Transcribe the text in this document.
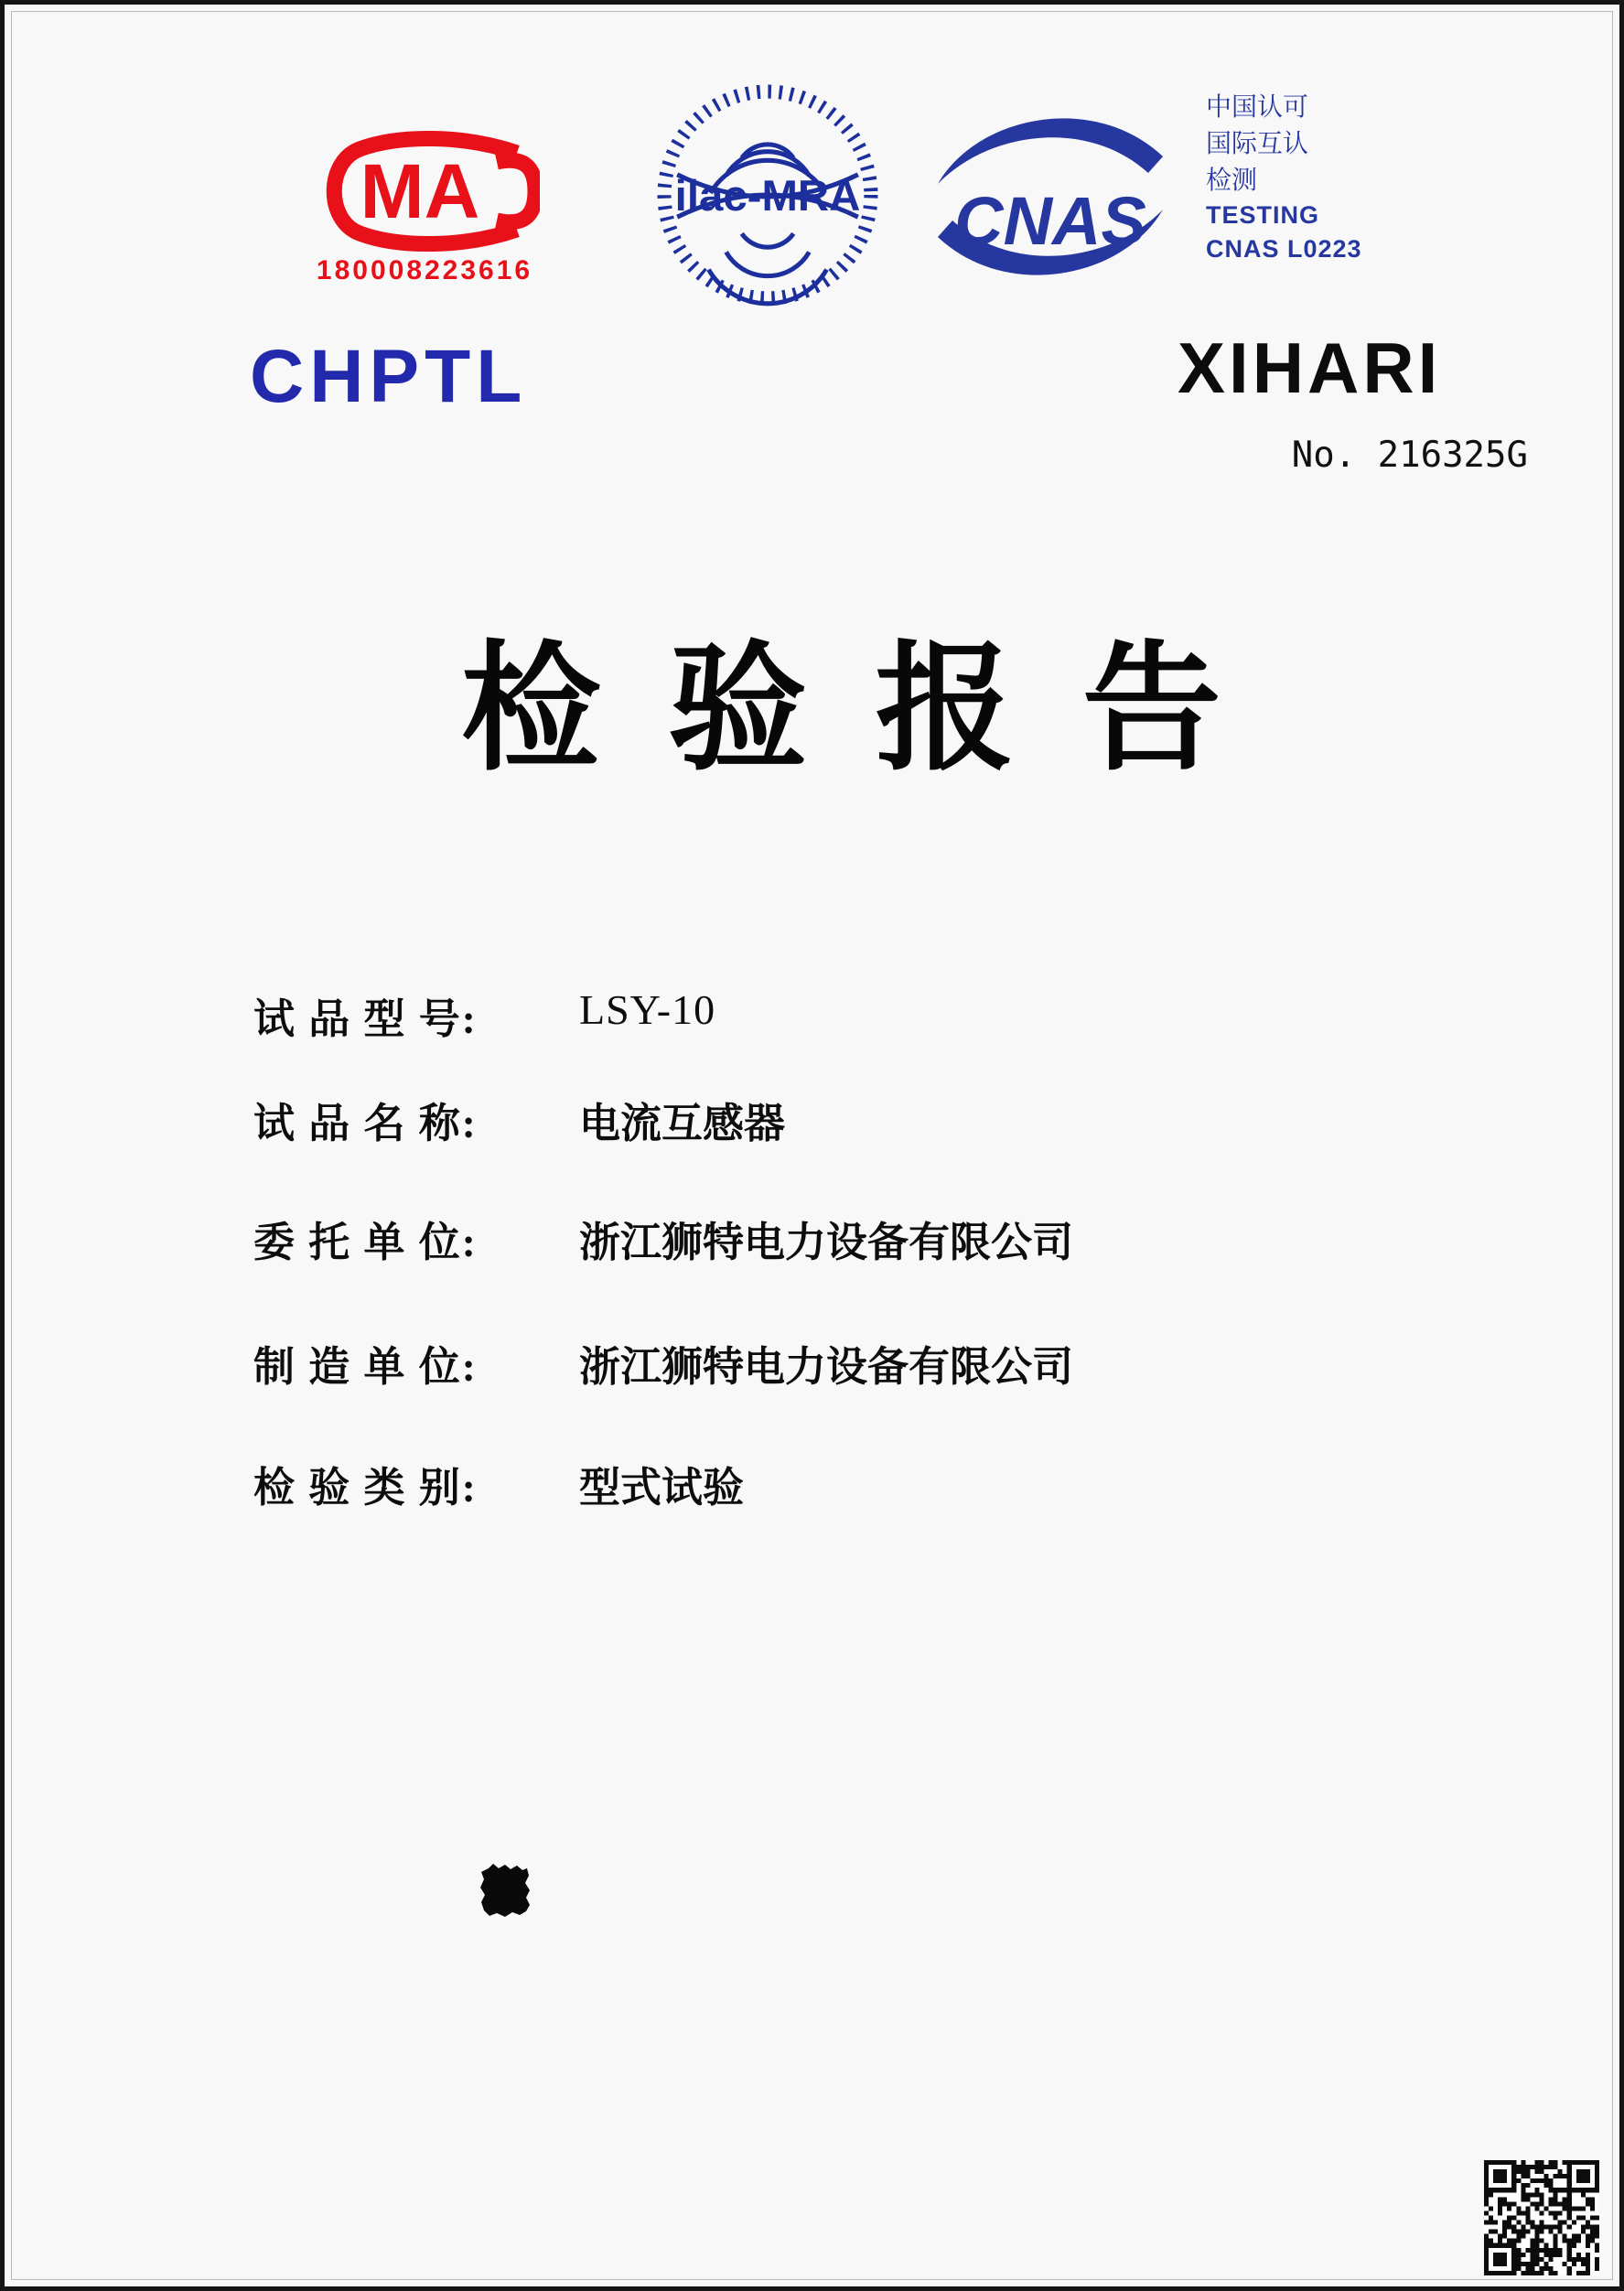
MA
180008223616
ilac-MRA CNAS
中国认可
国际互认
检测
TESTING
CNAS L0223
CHPTL	XIHARI
No. 216325G
检 验 报 告
试 品 型 号: LSY-10
试 品 名 称: 电流互感器
委 托 单 位: 浙江狮特电力设备有限公司
制 造 单 位: 浙江狮特电力设备有限公司
检 验 类 别: 型式试验
